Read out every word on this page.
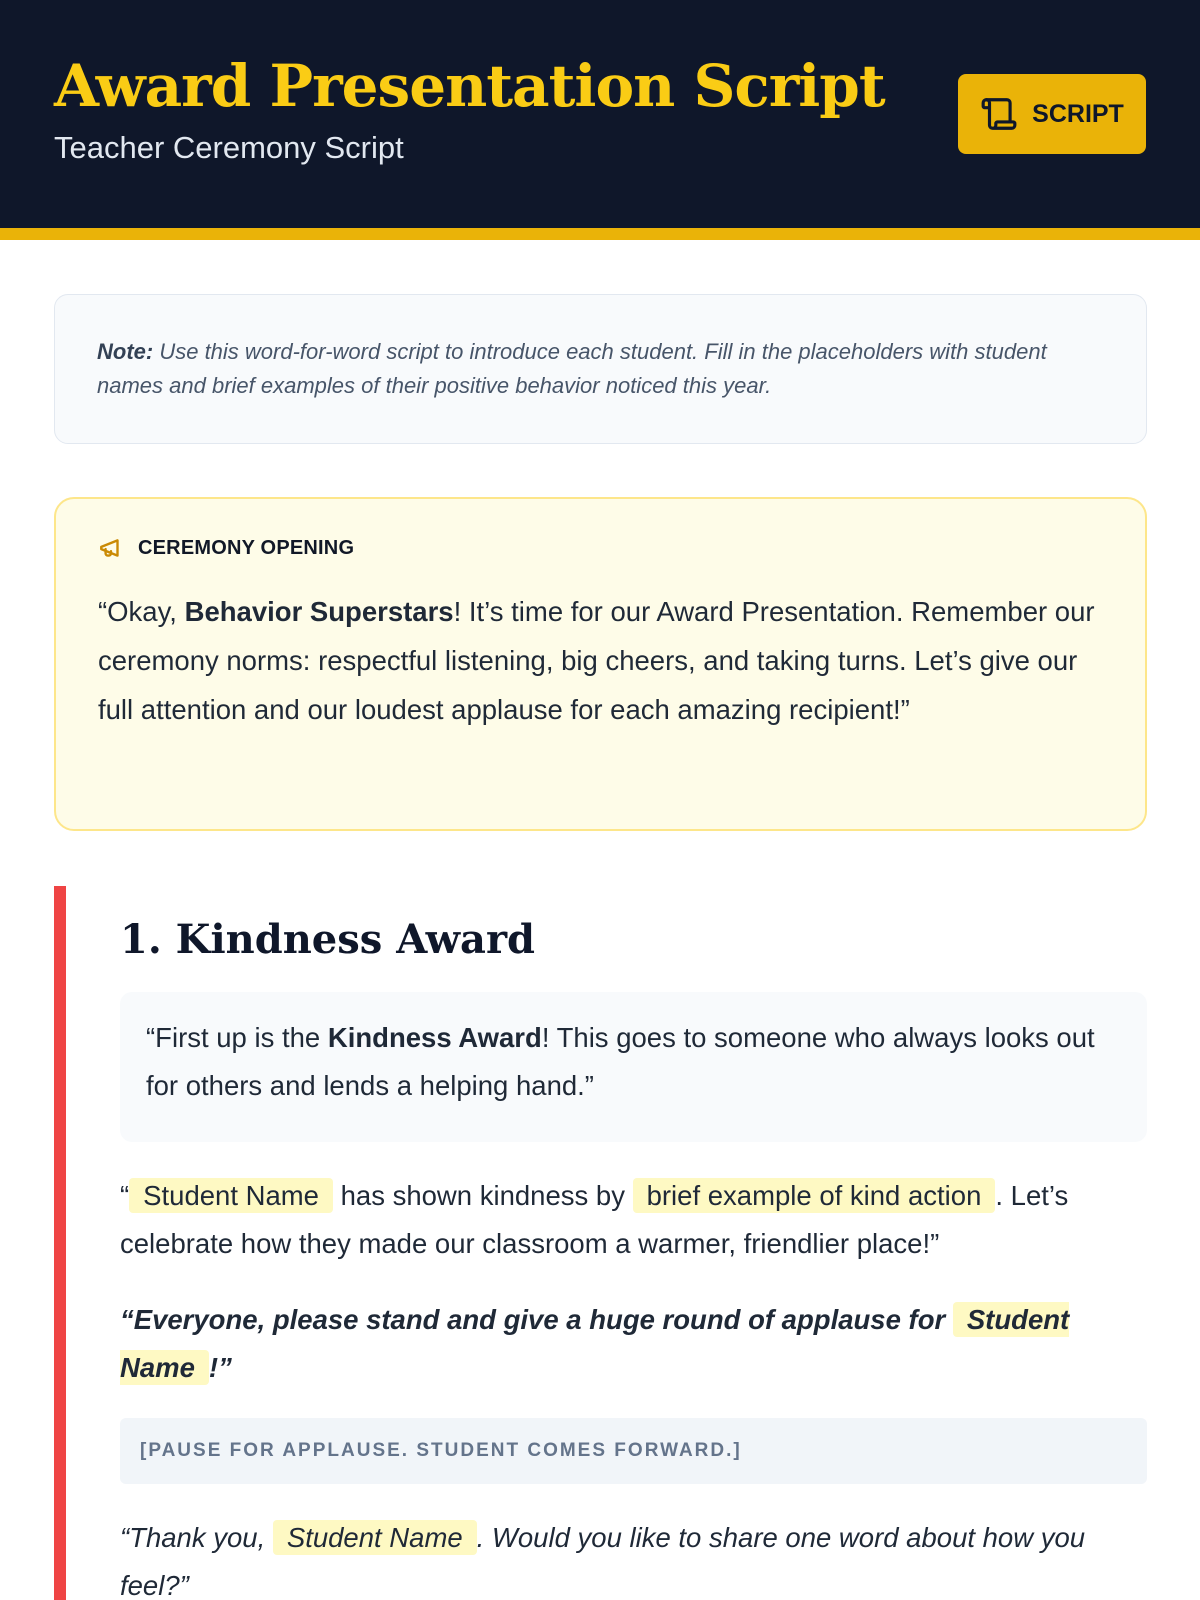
Award Presentation Script
Teacher Ceremony Script
SCRIPT
Note: Use this word-for-word script to introduce each student. Fill in the placeholders with student names and brief examples of their positive behavior noticed this year.
CEREMONY OPENING
“Okay, Behavior Superstars! It’s time for our Award Presentation. Remember our ceremony norms: respectful listening, big cheers, and taking turns. Let’s give our full attention and our loudest applause for each amazing recipient!”
1. Kindness Award
“First up is the Kindness Award! This goes to someone who always looks out for others and lends a helping hand.”
“ Student Name has shown kindness by brief example of kind action . Let’s celebrate how they made our classroom a warmer, friendlier place!”
“Everyone, please stand and give a huge round of applause for Student Name !”
[PAUSE FOR APPLAUSE. STUDENT COMES FORWARD.]
“Thank you, Student Name . Would you like to share one word about how you feel?”
